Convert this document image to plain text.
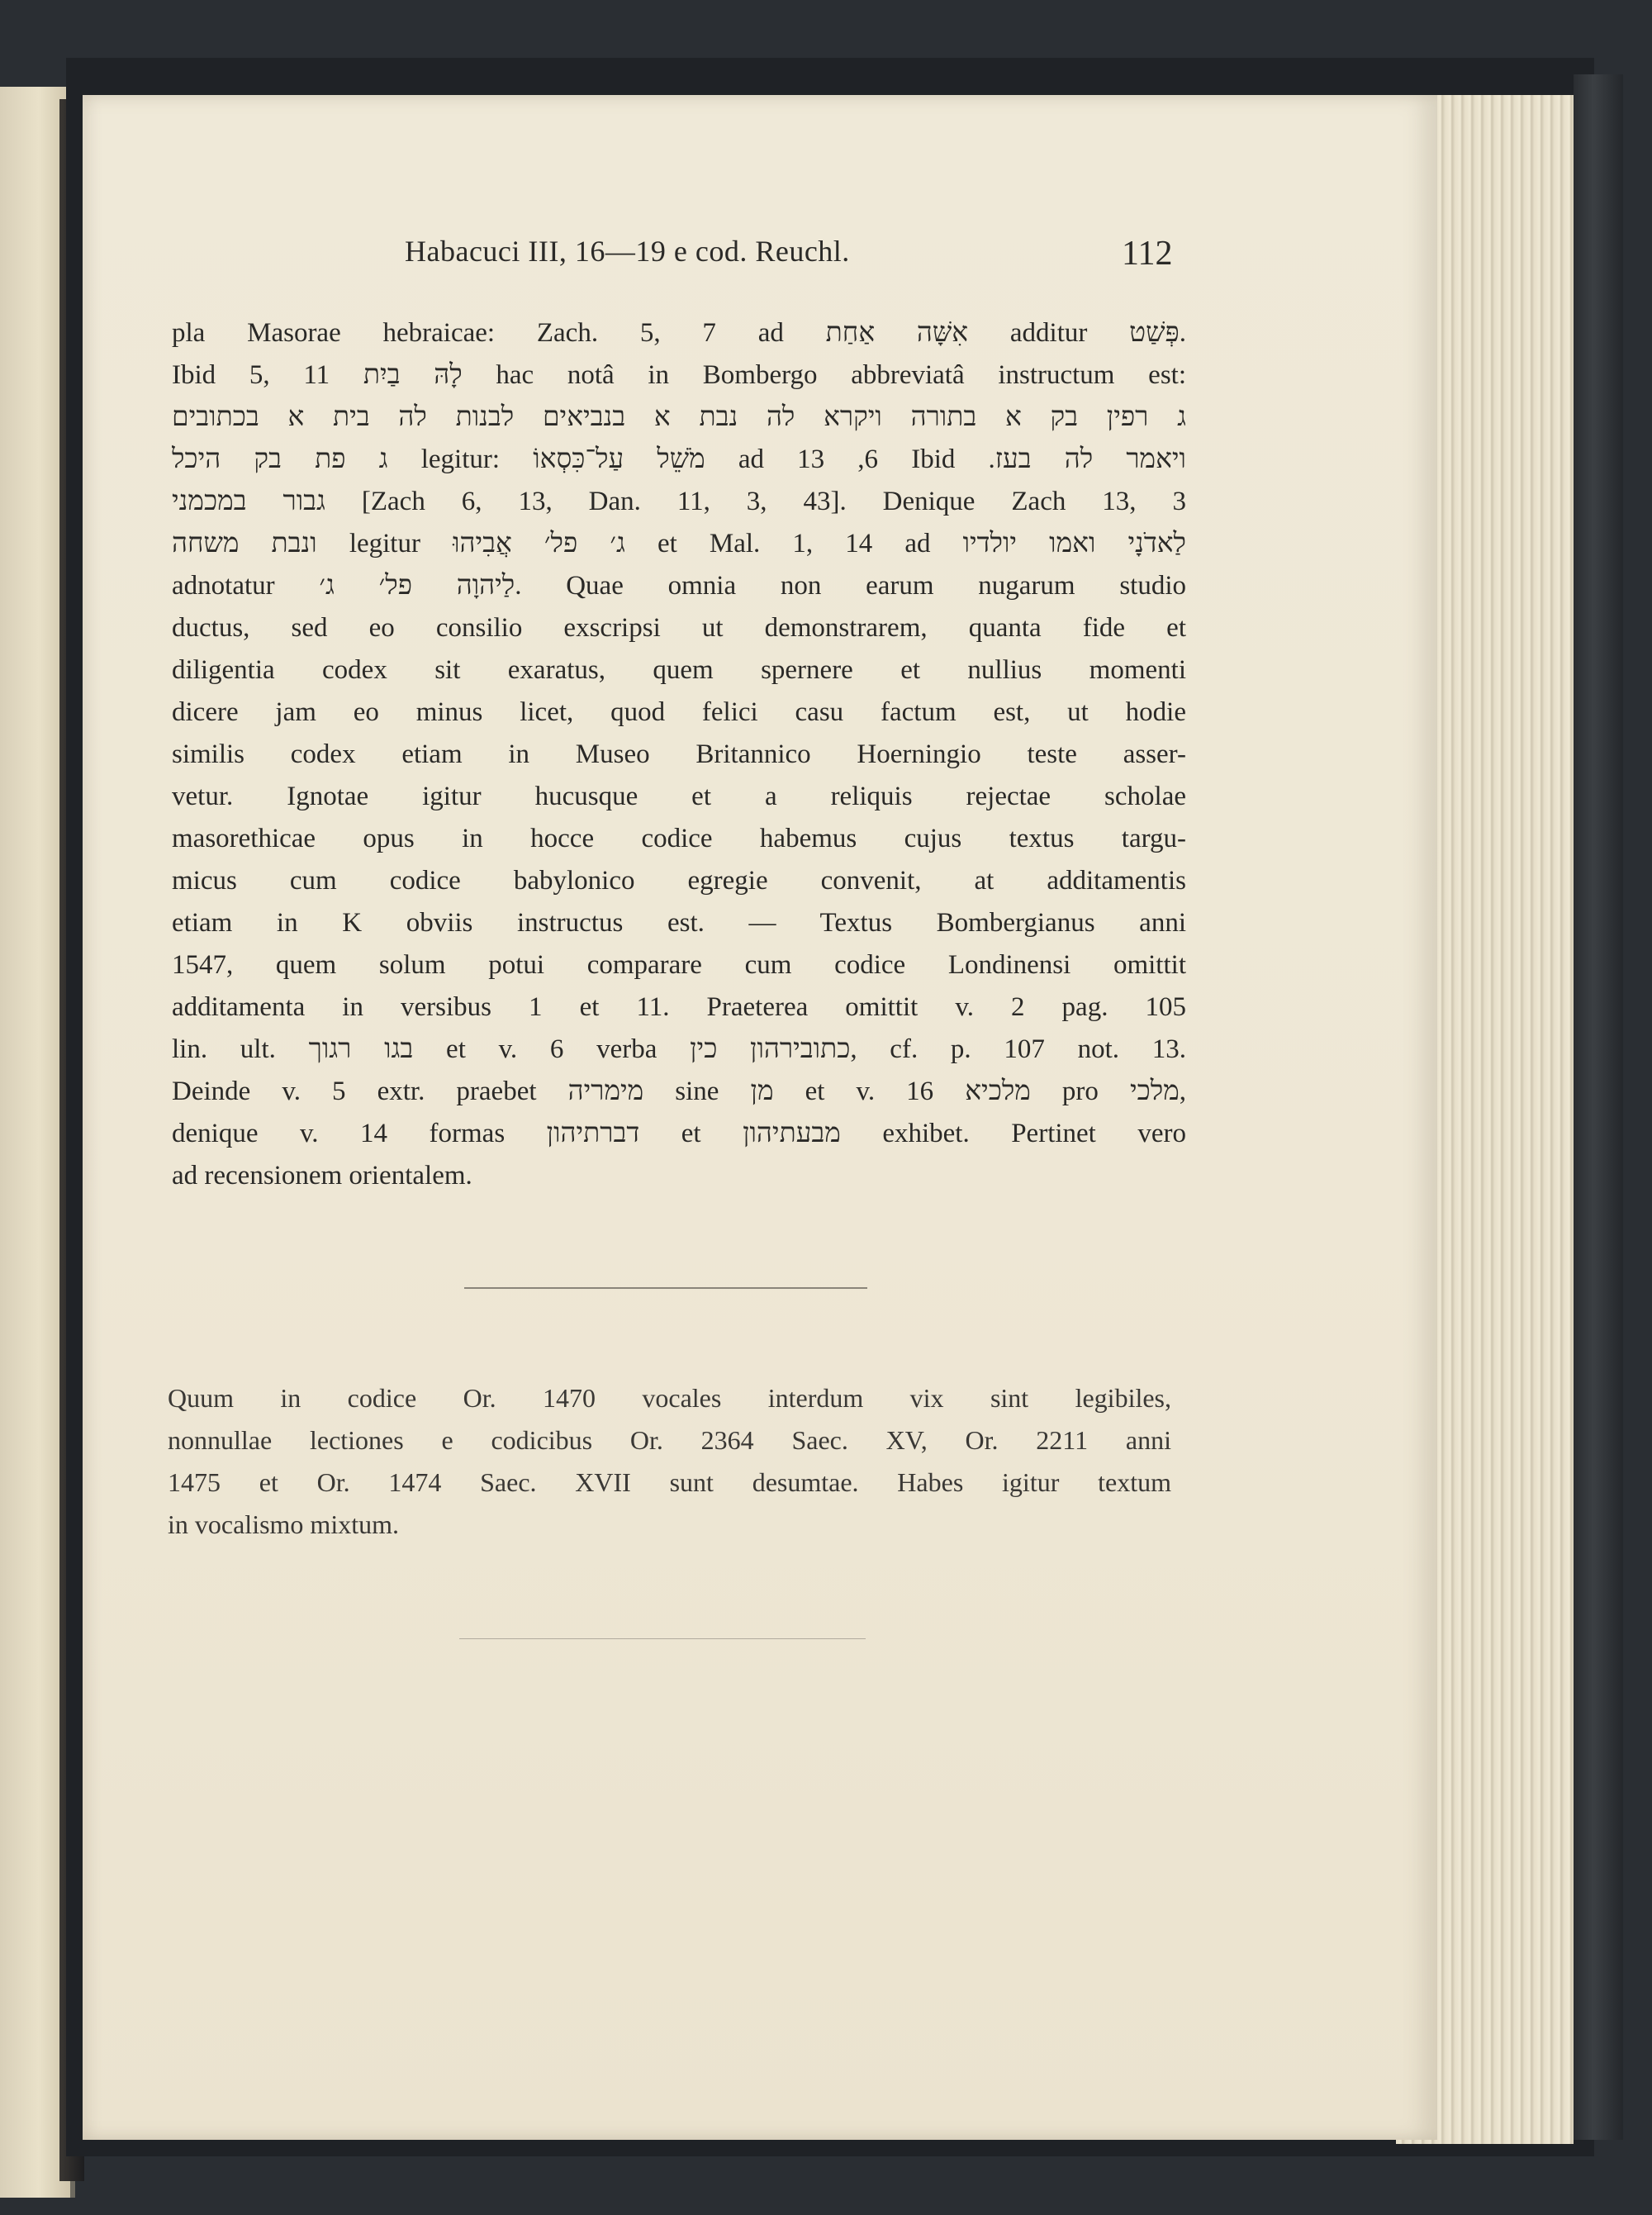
Habacuci III, 16—19 e cod. Reuchl.	112
pla Masorae hebraicae: Zach. 5, 7 ad אִשָּׁה אַחַת additur פְּשַׁט.
Ibid 5, 11 לָהּ בַיִת hac notâ in Bombergo abbreviatâ instructum est:
ג רפין בק א בתורה ויקרא לה נבת א בנביאים לבנות לה בית א בכתובים
ג פת בק היכל legitur: מֹשֵׁל עַל־כִּסְאוֹ ad 13 ,6 Ibid .ויאמר לה בעז
גבור במכמני [Zach 6, 13, Dan. 11, 3, 43]. Denique Zach 13, 3
ונבת משחה legitur ג׳ פל׳ אֲבִיהוּ et Mal. 1, 14 ad לַאדֹנָי ואמו יולדיו
adnotatur לַיהוָה פל׳ ג׳. Quae omnia non earum nugarum studio
ductus, sed eo consilio exscripsi ut demonstrarem, quanta fide et
diligentia codex sit exaratus, quem spernere et nullius momenti
dicere jam eo minus licet, quod felici casu factum est, ut hodie
similis codex etiam in Museo Britannico Hoerningio teste asser-
vetur. Ignotae igitur hucusque et a reliquis rejectae scholae
masorethicae opus in hocce codice habemus cujus textus targu-
micus cum codice babylonico egregie convenit, at additamentis
etiam in K obviis instructus est. — Textus Bombergianus anni
1547, quem solum potui comparare cum codice Londinensi omittit
additamenta in versibus 1 et 11. Praeterea omittit v. 2 pag. 105
lin. ult. בגו רגוך et v. 6 verba כתובירהון כין, cf. p. 107 not. 13.
Deinde v. 5 extr. praebet מימריה sine מן et v. 16 מלכיא pro מלכי,
denique v. 14 formas דברתיהון et מבעתיהון exhibet. Pertinet vero
ad recensionem orientalem.
Quum in codice Or. 1470 vocales interdum vix sint legibiles,
nonnullae lectiones e codicibus Or. 2364 Saec. XV, Or. 2211 anni
1475 et Or. 1474 Saec. XVII sunt desumtae. Habes igitur textum
in vocalismo mixtum.
